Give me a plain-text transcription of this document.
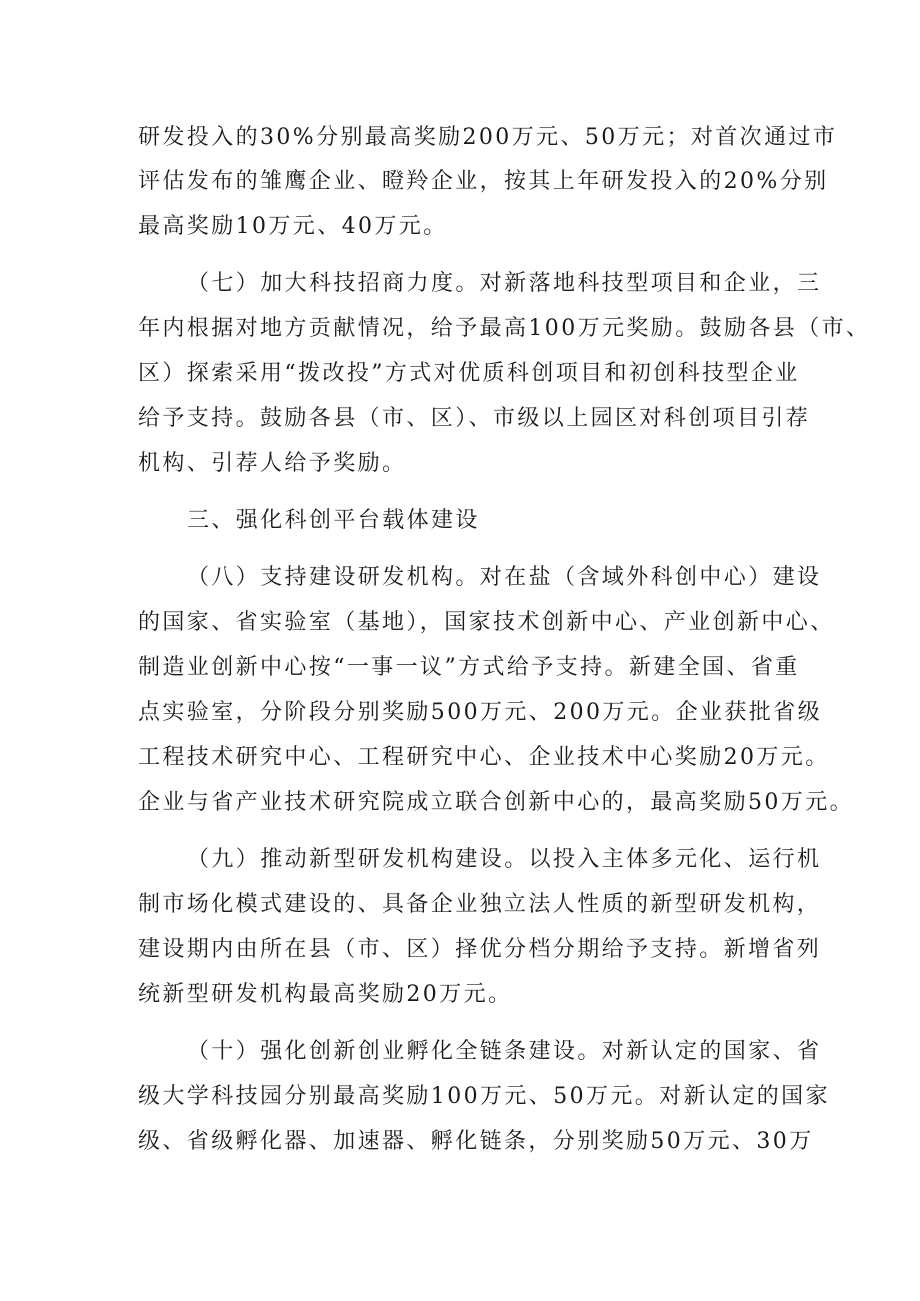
研发投入的30%分别最高奖励200万元、50万元；对首次通过市
评估发布的雏鹰企业、瞪羚企业，按其上年研发投入的20%分别
最高奖励10万元、40万元。
（七）加大科技招商力度。对新落地科技型项目和企业，三
年内根据对地方贡献情况，给予最高100万元奖励。鼓励各县（市、
区）探索采用“拨改投”方式对优质科创项目和初创科技型企业
给予支持。鼓励各县（市、区）、市级以上园区对科创项目引荐
机构、引荐人给予奖励。
三、强化科创平台载体建设
（八）支持建设研发机构。对在盐（含域外科创中心）建设
的国家、省实验室（基地），国家技术创新中心、产业创新中心、
制造业创新中心按“一事一议”方式给予支持。新建全国、省重
点实验室，分阶段分别奖励500万元、200万元。企业获批省级
工程技术研究中心、工程研究中心、企业技术中心奖励20万元。
企业与省产业技术研究院成立联合创新中心的，最高奖励50万元。
（九）推动新型研发机构建设。以投入主体多元化、运行机
制市场化模式建设的、具备企业独立法人性质的新型研发机构，
建设期内由所在县（市、区）择优分档分期给予支持。新增省列
统新型研发机构最高奖励20万元。
（十）强化创新创业孵化全链条建设。对新认定的国家、省
级大学科技园分别最高奖励100万元、50万元。对新认定的国家
级、省级孵化器、加速器、孵化链条，分别奖励50万元、30万
